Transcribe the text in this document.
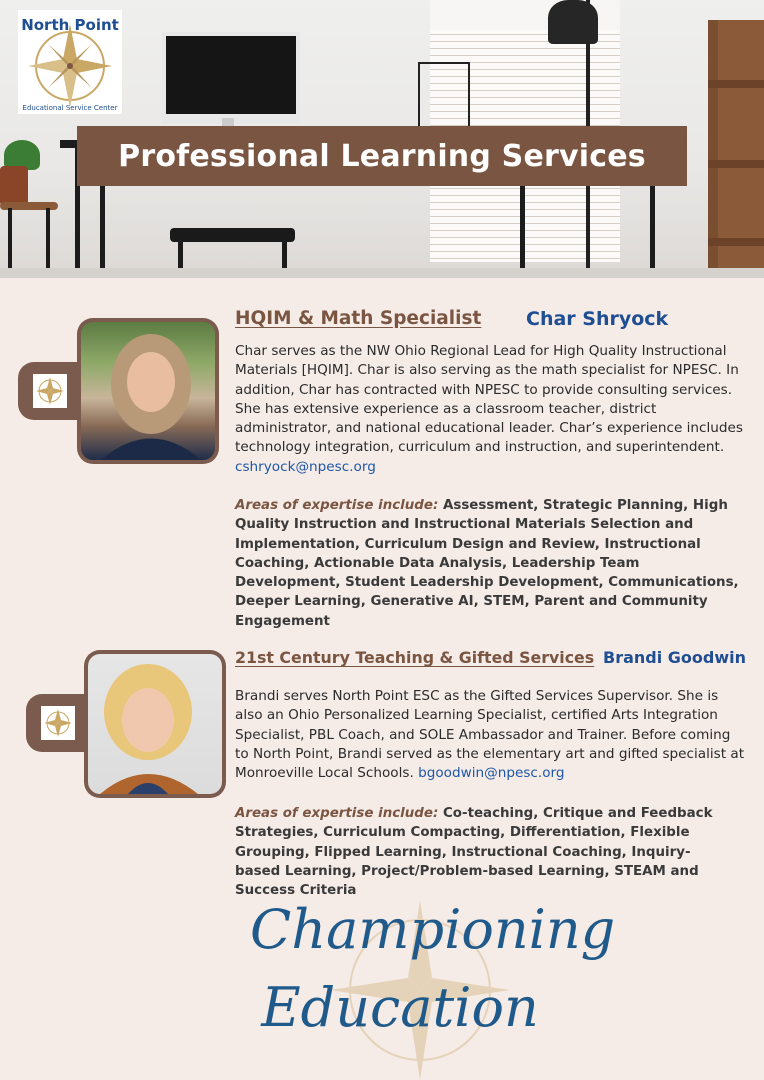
North Point
Educational Service Center
Professional Learning Services
HQIM & Math Specialist Char Shryock

Char serves as the NW Ohio Regional Lead for High Quality Instructional Materials [HQIM]. Char is also serving as the math specialist for NPESC. In addition, Char has contracted with NPESC to provide consulting services. She has extensive experience as a classroom teacher, district administrator, and national educational leader. Char’s experience includes technology integration, curriculum and instruction, and superintendent. cshryock@npesc.org

Areas of expertise include: Assessment, Strategic Planning, High Quality Instruction and Instructional Materials Selection and Implementation, Curriculum Design and Review, Instructional Coaching, Actionable Data Analysis, Leadership Team Development, Student Leadership Development, Communications, Deeper Learning, Generative AI, STEM, Parent and Community Engagement

21st Century Teaching & Gifted Services Brandi Goodwin

Brandi serves North Point ESC as the Gifted Services Supervisor. She is also an Ohio Personalized Learning Specialist, certified Arts Integration Specialist, PBL Coach, and SOLE Ambassador and Trainer. Before coming to North Point, Brandi served as the elementary art and gifted specialist at Monroeville Local Schools. bgoodwin@npesc.org

Areas of expertise include: Co-teaching, Critique and Feedback Strategies, Curriculum Compacting, Differentiation, Flexible Grouping, Flipped Learning, Instructional Coaching, Inquiry-based Learning, Project/Problem-based Learning, STEAM and Success Criteria

Championing
Education
